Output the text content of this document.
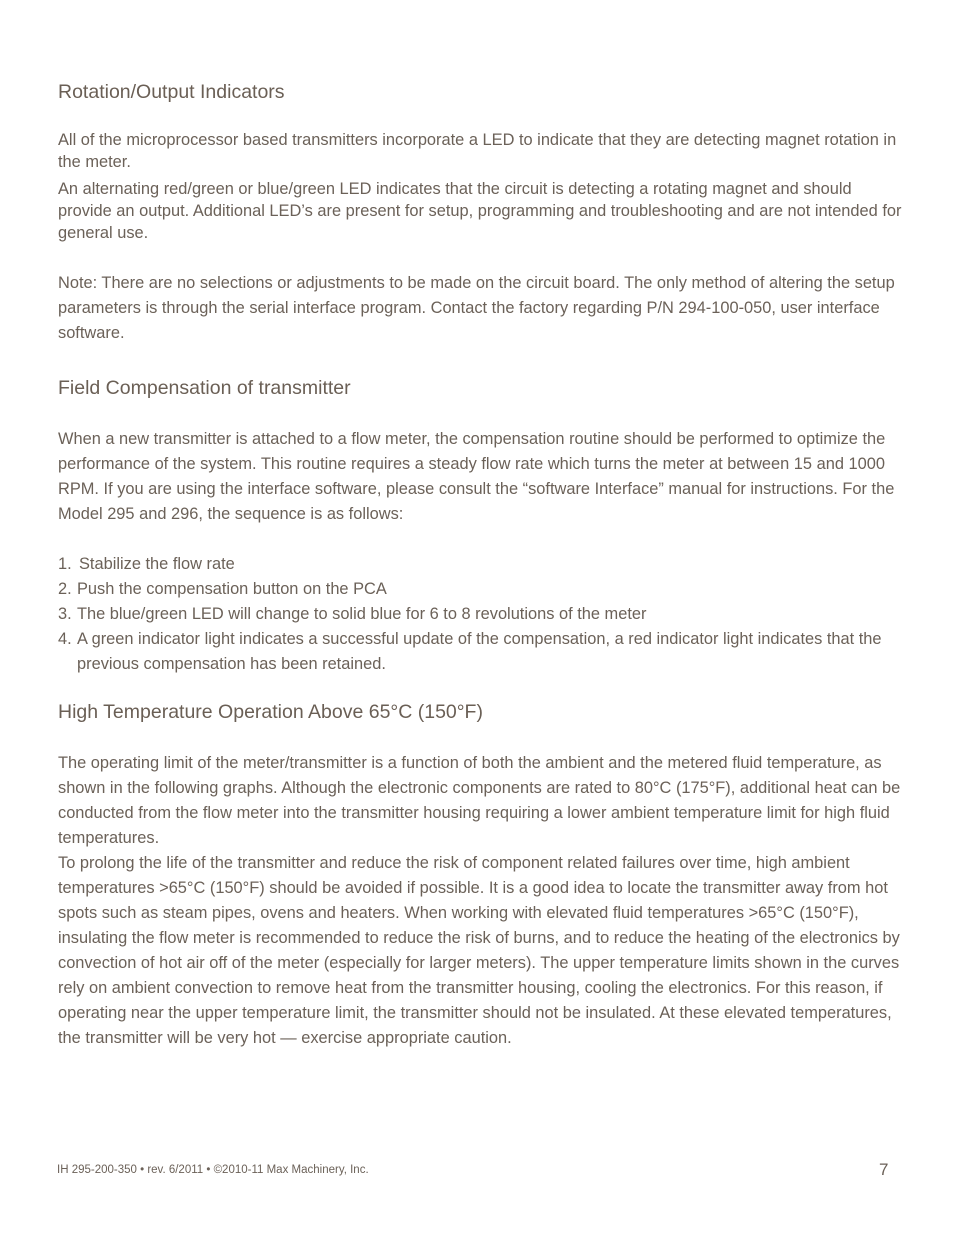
Rotation/Output Indicators

All of the microprocessor based transmitters incorporate a LED to indicate that they are detecting magnet rotation in the meter.

An alternating red/green or blue/green LED indicates that the circuit is detecting a rotating magnet and should provide an output. Additional LED’s are present for setup, programming and troubleshooting and are not intended for general use.

Note: There are no selections or adjustments to be made on the circuit board. The only method of altering the setup parameters is through the serial interface program. Contact the factory regarding P/N 294-100-050, user interface software.

Field Compensation of transmitter

When a new transmitter is attached to a flow meter, the compensation routine should be performed to optimize the performance of the system. This routine requires a steady flow rate which turns the meter at between 15 and 1000 RPM. If you are using the interface software, please consult the “software Interface” manual for instructions. For the Model 295 and 296, the sequence is as follows:

1. Stabilize the flow rate
2. Push the compensation button on the PCA
3. The blue/green LED will change to solid blue for 6 to 8 revolutions of the meter
4. A green indicator light indicates a successful update of the compensation, a red indicator light indicates that the previous compensation has been retained.
High Temperature Operation Above 65°C (150°F)

The operating limit of the meter/transmitter is a function of both the ambient and the metered fluid temperature, as shown in the following graphs. Although the electronic components are rated to 80°C (175°F), additional heat can be conducted from the flow meter into the transmitter housing requiring a lower ambient temperature limit for high fluid temperatures.

To prolong the life of the transmitter and reduce the risk of component related failures over time, high ambient temperatures >65°C (150°F) should be avoided if possible. It is a good idea to locate the transmitter away from hot spots such as steam pipes, ovens and heaters. When working with elevated fluid temperatures >65°C (150°F), insulating the flow meter is recommended to reduce the risk of burns, and to reduce the heating of the electronics by convection of hot air off of the meter (especially for larger meters). The upper temperature limits shown in the curves rely on ambient convection to remove heat from the transmitter housing, cooling the electronics. For this reason, if operating near the upper temperature limit, the transmitter should not be insulated. At these elevated temperatures, the transmitter will be very hot — exercise appropriate caution.

IH 295-200-350 • rev. 6/2011 • ©2010-11 Max Machinery, Inc.	7
